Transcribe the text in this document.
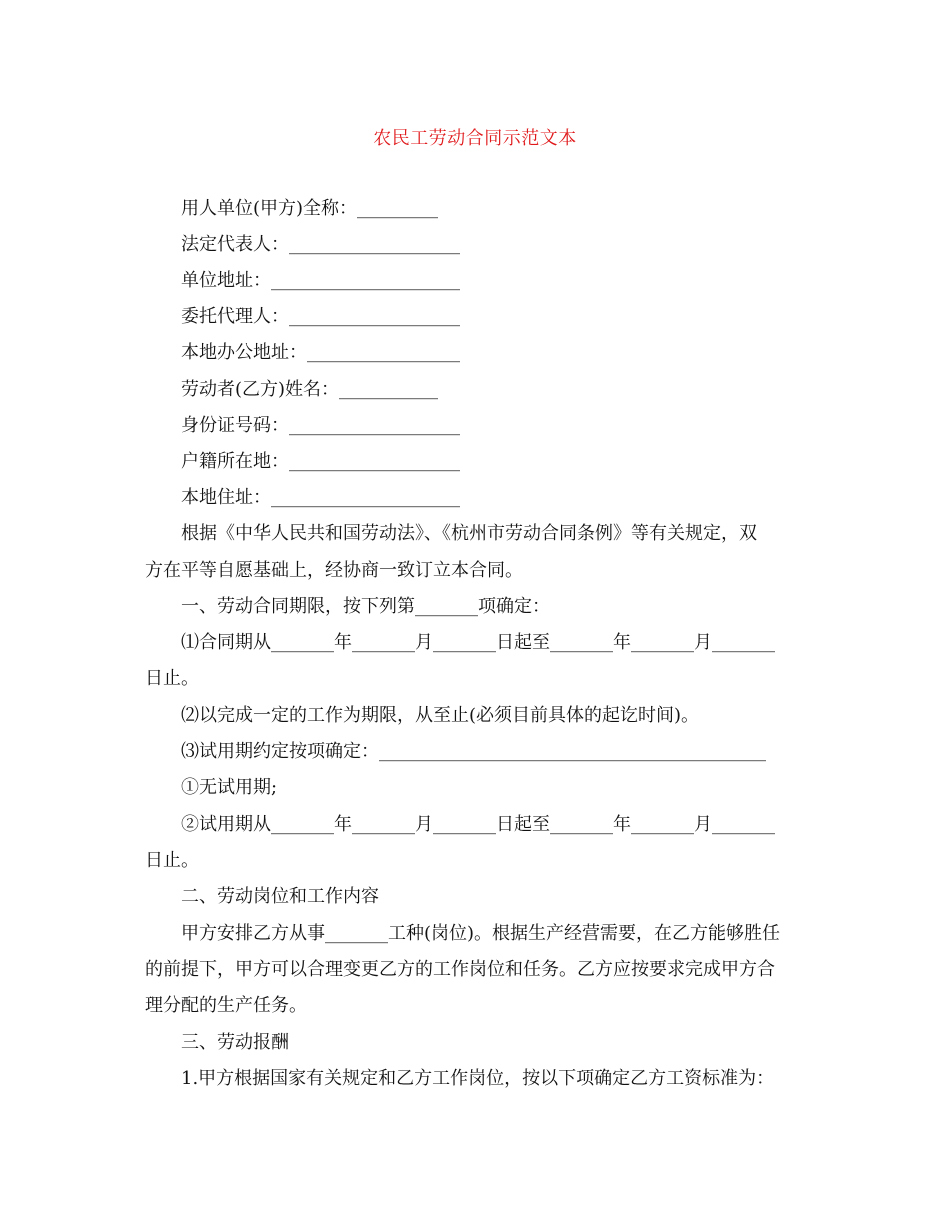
农民工劳动合同示范文本
用人单位(甲方)全称：_________
法定代表人：___________________
单位地址：_____________________
委托代理人：___________________
本地办公地址：_________________
劳动者(乙方)姓名：___________
身份证号码：___________________
户籍所在地：___________________
本地住址：_____________________
根据《中华人民共和国劳动法》、《杭州市劳动合同条例》等有关规定，双
方在平等自愿基础上，经协商一致订立本合同。
一、劳动合同期限，按下列第_______项确定：
⑴合同期从_______年_______月_______日起至_______年_______月_______
日止。
⑵以完成一定的工作为期限，从至止(必须目前具体的起讫时间)。
⑶试用期约定按项确定：___________________________________________
①无试用期;
②试用期从_______年_______月_______日起至_______年_______月_______
日止。
二、劳动岗位和工作内容
甲方安排乙方从事_______工种(岗位)。根据生产经营需要，在乙方能够胜任
的前提下，甲方可以合理变更乙方的工作岗位和任务。乙方应按要求完成甲方合
理分配的生产任务。
三、劳动报酬
1.甲方根据国家有关规定和乙方工作岗位，按以下项确定乙方工资标准为：
